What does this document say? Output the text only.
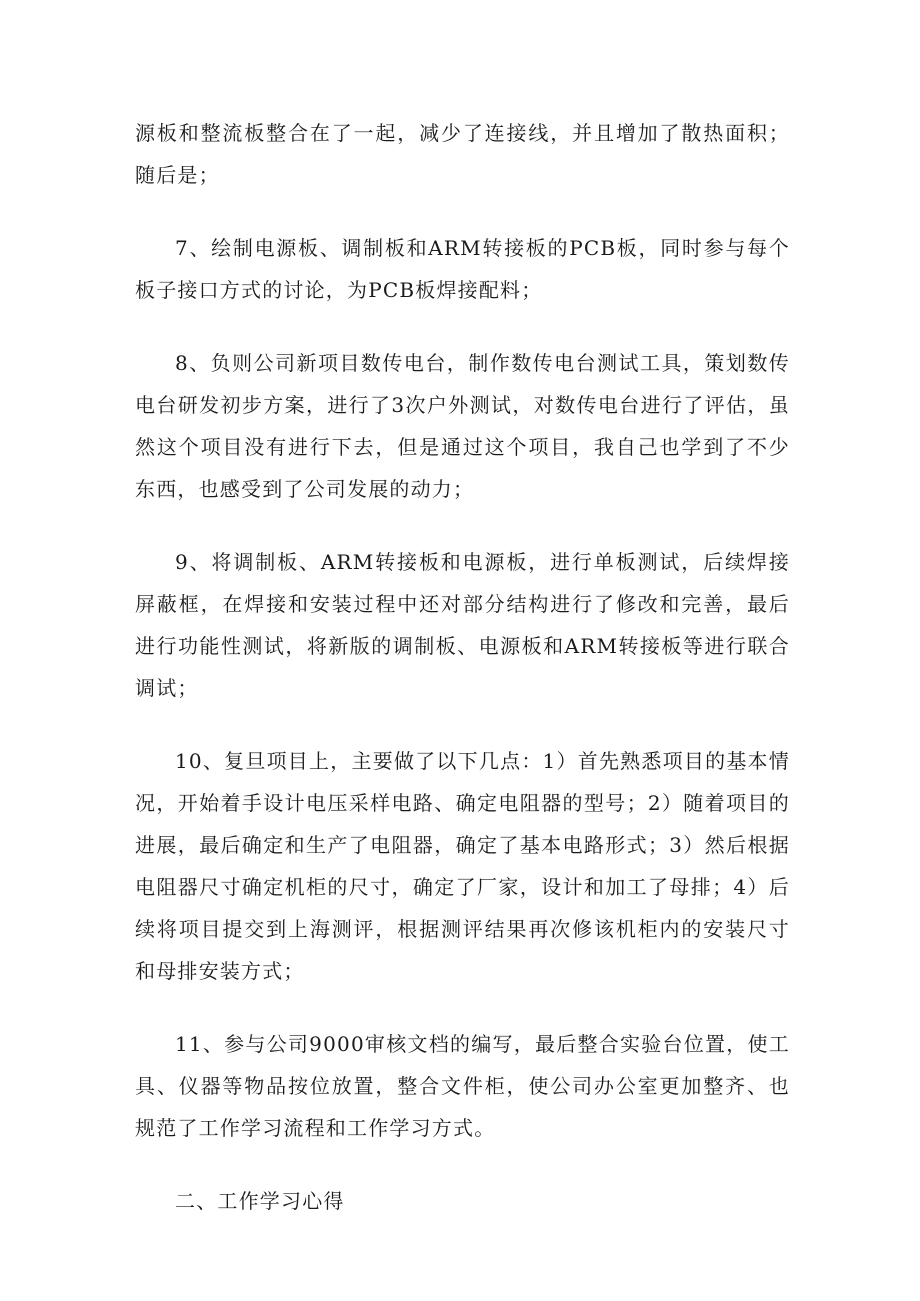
源板和整流板整合在了一起，减少了连接线，并且增加了散热面积；随后是；

7、绘制电源板、调制板和ARM转接板的PCB板，同时参与每个板子接口方式的讨论，为PCB板焊接配料；

8、负则公司新项目数传电台，制作数传电台测试工具，策划数传电台研发初步方案，进行了3次户外测试，对数传电台进行了评估，虽然这个项目没有进行下去，但是通过这个项目，我自己也学到了不少东西，也感受到了公司发展的动力；

9、将调制板、ARM转接板和电源板，进行单板测试，后续焊接屏蔽框，在焊接和安装过程中还对部分结构进行了修改和完善，最后进行功能性测试，将新版的调制板、电源板和ARM转接板等进行联合调试；

10、复旦项目上，主要做了以下几点：1）首先熟悉项目的基本情况，开始着手设计电压采样电路、确定电阻器的型号；2）随着项目的进展，最后确定和生产了电阻器，确定了基本电路形式；3）然后根据电阻器尺寸确定机柜的尺寸，确定了厂家，设计和加工了母排；4）后续将项目提交到上海测评，根据测评结果再次修该机柜内的安装尺寸和母排安装方式；

11、参与公司9000审核文档的编写，最后整合实验台位置，使工具、仪器等物品按位放置，整合文件柜，使公司办公室更加整齐、也规范了工作学习流程和工作学习方式。

二、工作学习心得
